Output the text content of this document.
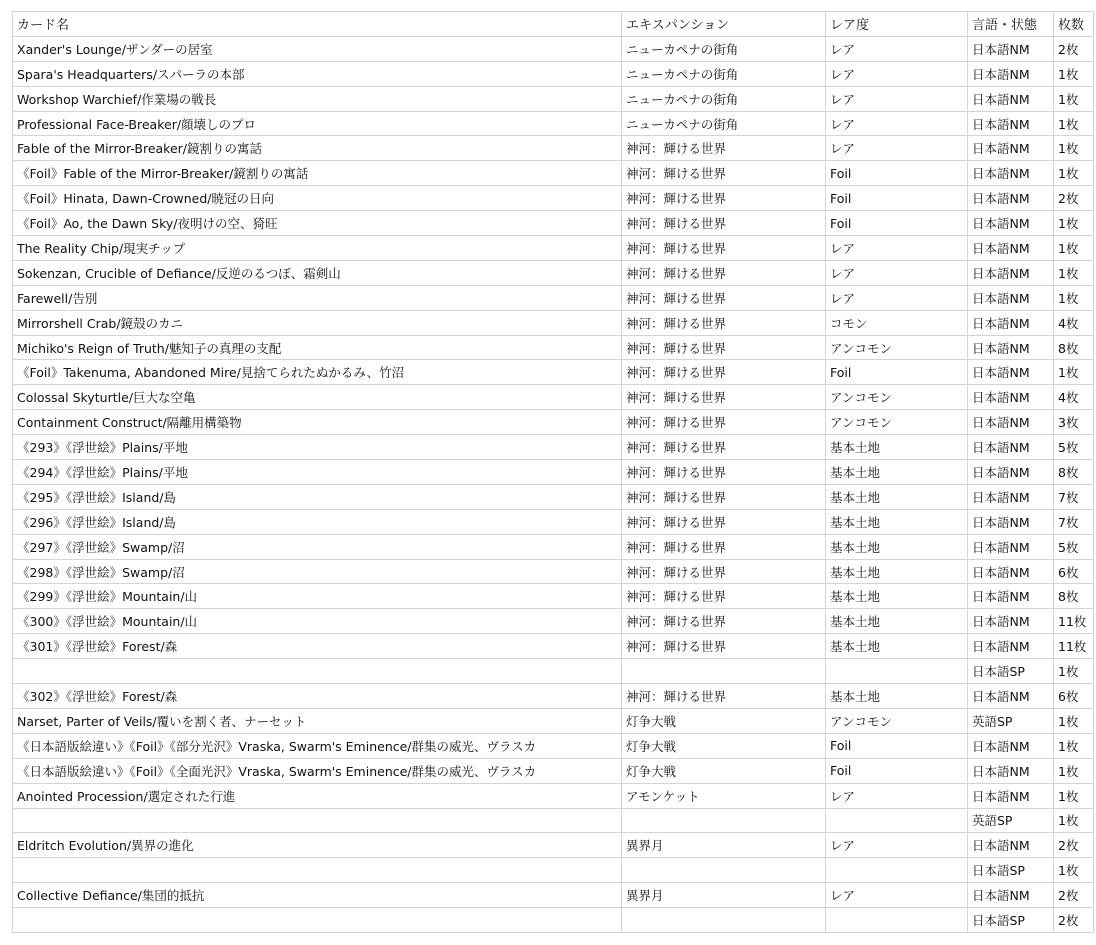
カード名	エキスパンション	レア度	言語・状態	枚数
Xander's Lounge/ザンダーの居室	ニューカペナの街角	レア	日本語NM	2枚
Spara's Headquarters/スパーラの本部	ニューカペナの街角	レア	日本語NM	1枚
Workshop Warchief/作業場の戦長	ニューカペナの街角	レア	日本語NM	1枚
Professional Face-Breaker/顔壊しのプロ	ニューカペナの街角	レア	日本語NM	1枚
Fable of the Mirror-Breaker/鏡割りの寓話	神河：輝ける世界	レア	日本語NM	1枚
《Foil》Fable of the Mirror-Breaker/鏡割りの寓話	神河：輝ける世界	Foil	日本語NM	1枚
《Foil》Hinata, Dawn-Crowned/暁冠の日向	神河：輝ける世界	Foil	日本語NM	2枚
《Foil》Ao, the Dawn Sky/夜明けの空、猗旺	神河：輝ける世界	Foil	日本語NM	1枚
The Reality Chip/現実チップ	神河：輝ける世界	レア	日本語NM	1枚
Sokenzan, Crucible of Defiance/反逆のるつぼ、霜剣山	神河：輝ける世界	レア	日本語NM	1枚
Farewell/告別	神河：輝ける世界	レア	日本語NM	1枚
Mirrorshell Crab/鏡殻のカニ	神河：輝ける世界	コモン	日本語NM	4枚
Michiko's Reign of Truth/魅知子の真理の支配	神河：輝ける世界	アンコモン	日本語NM	8枚
《Foil》Takenuma, Abandoned Mire/見捨てられたぬかるみ、竹沼	神河：輝ける世界	Foil	日本語NM	1枚
Colossal Skyturtle/巨大な空亀	神河：輝ける世界	アンコモン	日本語NM	4枚
Containment Construct/隔離用構築物	神河：輝ける世界	アンコモン	日本語NM	3枚
《293》《浮世絵》Plains/平地	神河：輝ける世界	基本土地	日本語NM	5枚
《294》《浮世絵》Plains/平地	神河：輝ける世界	基本土地	日本語NM	8枚
《295》《浮世絵》Island/島	神河：輝ける世界	基本土地	日本語NM	7枚
《296》《浮世絵》Island/島	神河：輝ける世界	基本土地	日本語NM	7枚
《297》《浮世絵》Swamp/沼	神河：輝ける世界	基本土地	日本語NM	5枚
《298》《浮世絵》Swamp/沼	神河：輝ける世界	基本土地	日本語NM	6枚
《299》《浮世絵》Mountain/山	神河：輝ける世界	基本土地	日本語NM	8枚
《300》《浮世絵》Mountain/山	神河：輝ける世界	基本土地	日本語NM	11枚
《301》《浮世絵》Forest/森	神河：輝ける世界	基本土地	日本語NM	11枚
			日本語SP	1枚
《302》《浮世絵》Forest/森	神河：輝ける世界	基本土地	日本語NM	6枚
Narset, Parter of Veils/覆いを割く者、ナーセット	灯争大戦	アンコモン	英語SP	1枚
《日本語版絵違い》《Foil》《部分光沢》Vraska, Swarm's Eminence/群集の威光、ヴラスカ	灯争大戦	Foil	日本語NM	1枚
《日本語版絵違い》《Foil》《全面光沢》Vraska, Swarm's Eminence/群集の威光、ヴラスカ	灯争大戦	Foil	日本語NM	1枚
Anointed Procession/選定された行進	アモンケット	レア	日本語NM	1枚
			英語SP	1枚
Eldritch Evolution/異界の進化	異界月	レア	日本語NM	2枚
			日本語SP	1枚
Collective Defiance/集団的抵抗	異界月	レア	日本語NM	2枚
			日本語SP	2枚
